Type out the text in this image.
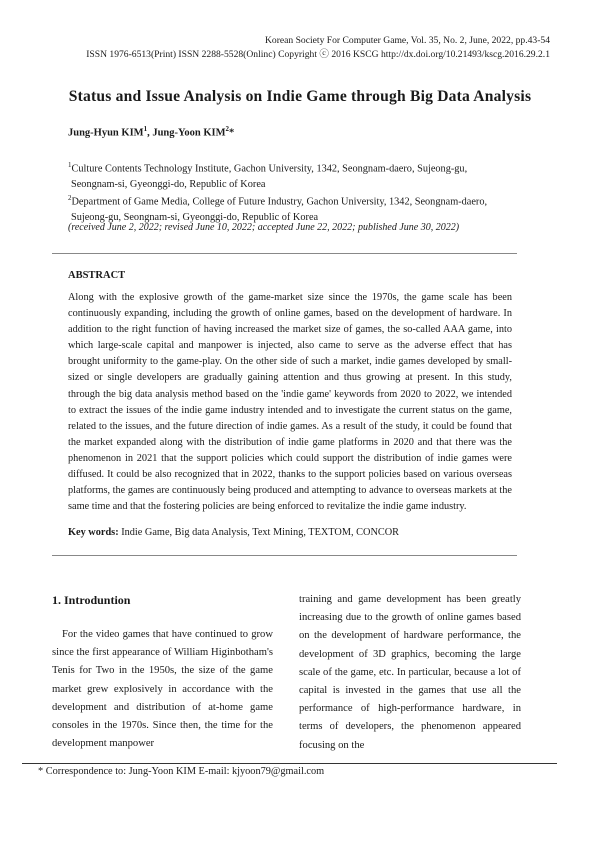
Korean Society For Computer Game, Vol. 35, No. 2, June, 2022, pp.43-54
ISSN 1976-6513(Print) ISSN 2288-5528(Onlinc) Copyright ⓒ 2016 KSCG http://dx.doi.org/10.21493/kscg.2016.29.2.1
Status and Issue Analysis on Indie Game through Big Data Analysis
Jung-Hyun KIM$^1$, Jung-Yoon KIM$^2$*
$^1$Culture Contents Technology Institute, Gachon University, 1342, Seongnam-daero, Sujeong-gu,
Seongnam-si, Gyeonggi-do, Republic of Korea
$^2$Department of Game Media, College of Future Industry, Gachon University, 1342, Seongnam-daero,
Sujeong-gu, Seongnam-si, Gyeonggi-do, Republic of Korea
(received June 2, 2022; revised June 10, 2022; accepted June 22, 2022; published June 30, 2022)
ABSTRACT
Along with the explosive growth of the game-market size since the 1970s, the game scale has been continuously expanding, including the growth of online games, based on the development of hardware. In addition to the right function of having increased the market size of games, the so-called AAA game, into which large-scale capital and manpower is injected, also came to serve as the adverse effect that has brought uniformity to the game-play. On the other side of such a market, indie games developed by small-sized or single developers are gradually gaining attention and thus growing at present. In this study, through the big data analysis method based on the 'indie game' keywords from 2020 to 2022, we intended to extract the issues of the indie game industry intended and to investigate the current status on the game, related to the issues, and the future direction of indie games. As a result of the study, it could be found that the market expanded along with the distribution of indie game platforms in 2020 and that there was the phenomenon in 2021 that the support policies which could support the distribution of indie games were diffused. It could be also recognized that in 2022, thanks to the support policies based on various overseas platforms, the games are continuously being produced and attempting to advance to overseas markets at the same time and that the fostering policies are being enforced to revitalize the indie game industry.
Key words: Indie Game, Big data Analysis, Text Mining, TEXTOM, CONCOR
1. Introduntion
For the video games that have continued to grow since the first appearance of William Higinbotham's Tenis for Two in the 1950s, the size of the game market grew explosively in accordance with the development and distribution of at-home game consoles in the 1970s. Since then, the time for the development manpower
training and game development has been greatly increasing due to the growth of online games based on the development of hardware performance, the development of 3D graphics, becoming the large scale of the game, etc. In particular, because a lot of capital is invested in the games that use all the performance of high-performance hardware, in terms of developers, the phenomenon appeared focusing on the
* Correspondence to: Jung-Yoon KIM E-mail: kjyoon79@gmail.com
